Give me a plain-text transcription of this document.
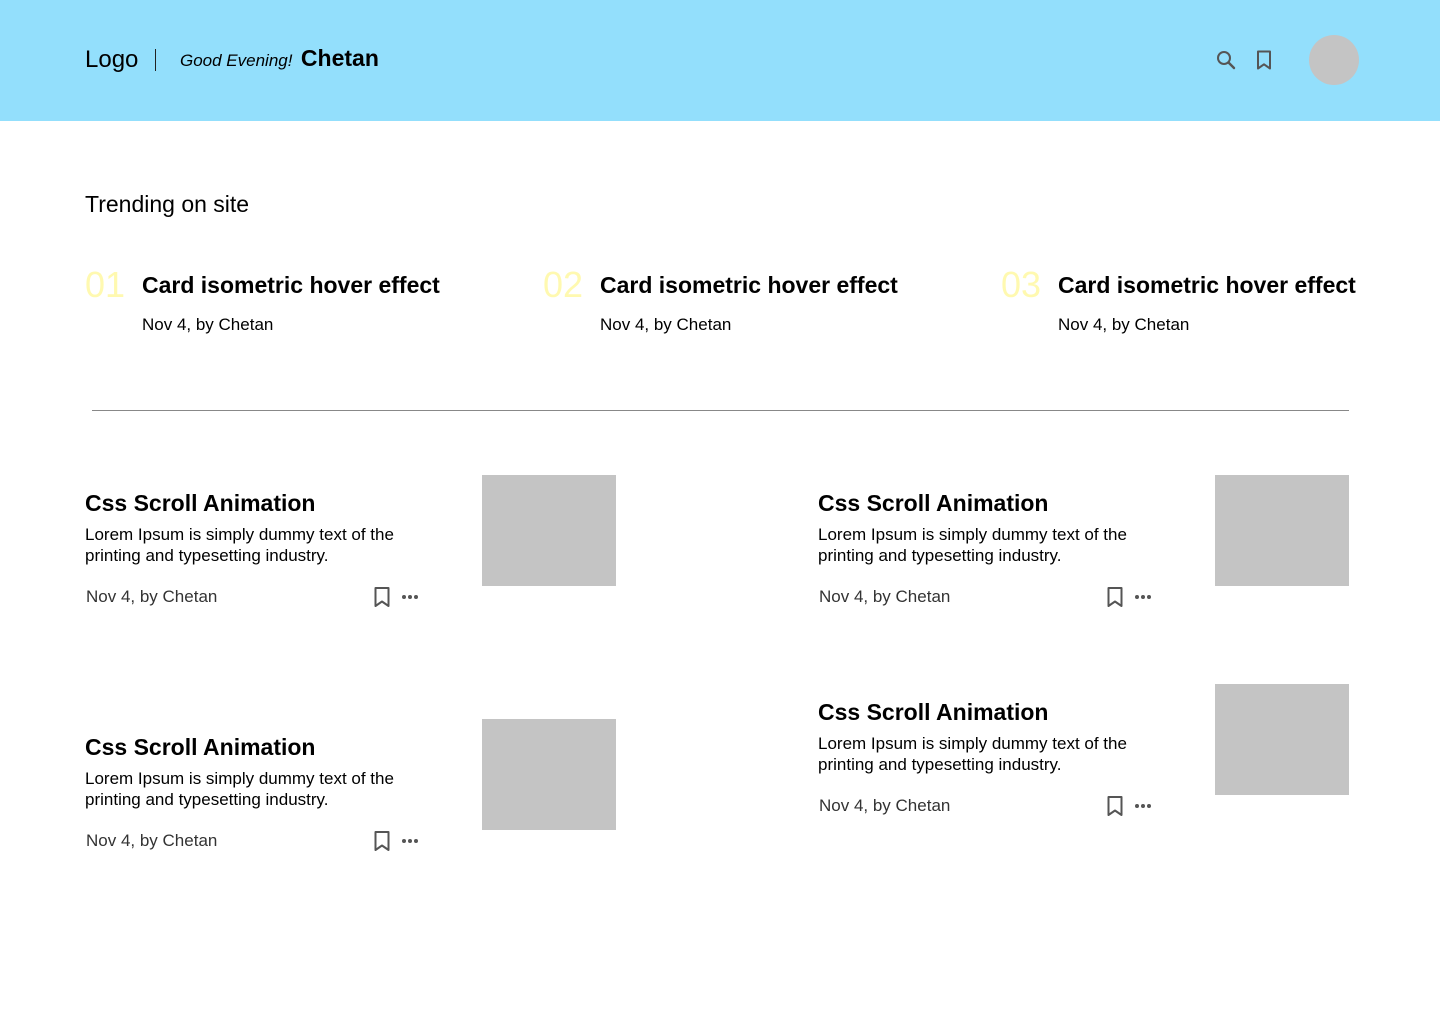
Logo Good Evening! Chetan
Trending on site
01 Card isometric hover effect
Nov 4, by Chetan
02 Card isometric hover effect
Nov 4, by Chetan
03 Card isometric hover effect
Nov 4, by Chetan
Css Scroll Animation
Lorem Ipsum is simply dummy text of the printing and typesetting industry.
Nov 4, by Chetan
Css Scroll Animation
Lorem Ipsum is simply dummy text of the printing and typesetting industry.
Nov 4, by Chetan
Css Scroll Animation
Lorem Ipsum is simply dummy text of the printing and typesetting industry.
Nov 4, by Chetan
Css Scroll Animation
Lorem Ipsum is simply dummy text of the printing and typesetting industry.
Nov 4, by Chetan
